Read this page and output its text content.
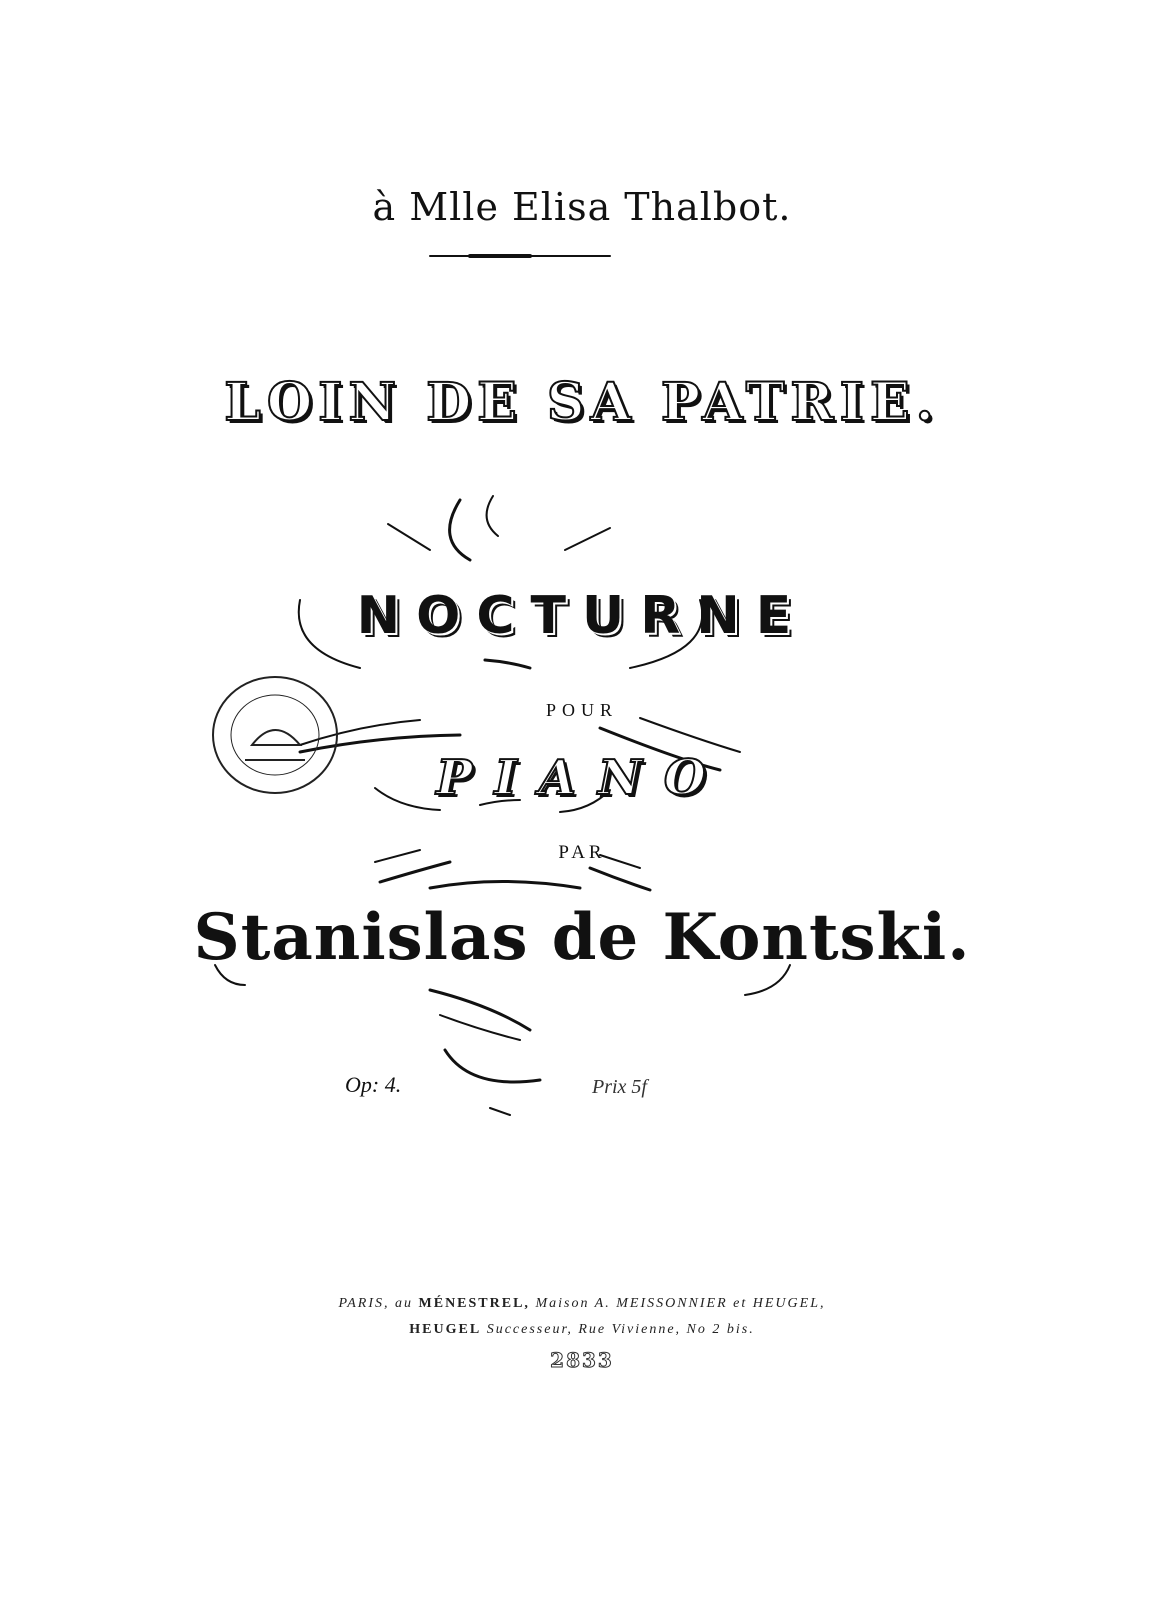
à Mlle Elisa Thalbot.
LOIN DE SA PATRIE.
NOCTURNE
POUR
PIANO
PAR
Stanislas de Kontski.
Op: 4.	Prix 5f
PARIS, au MÉNESTREL, Maison A. MEISSONNIER et HEUGEL,
HEUGEL Successeur, Rue Vivienne, No 2 bis.
2833
